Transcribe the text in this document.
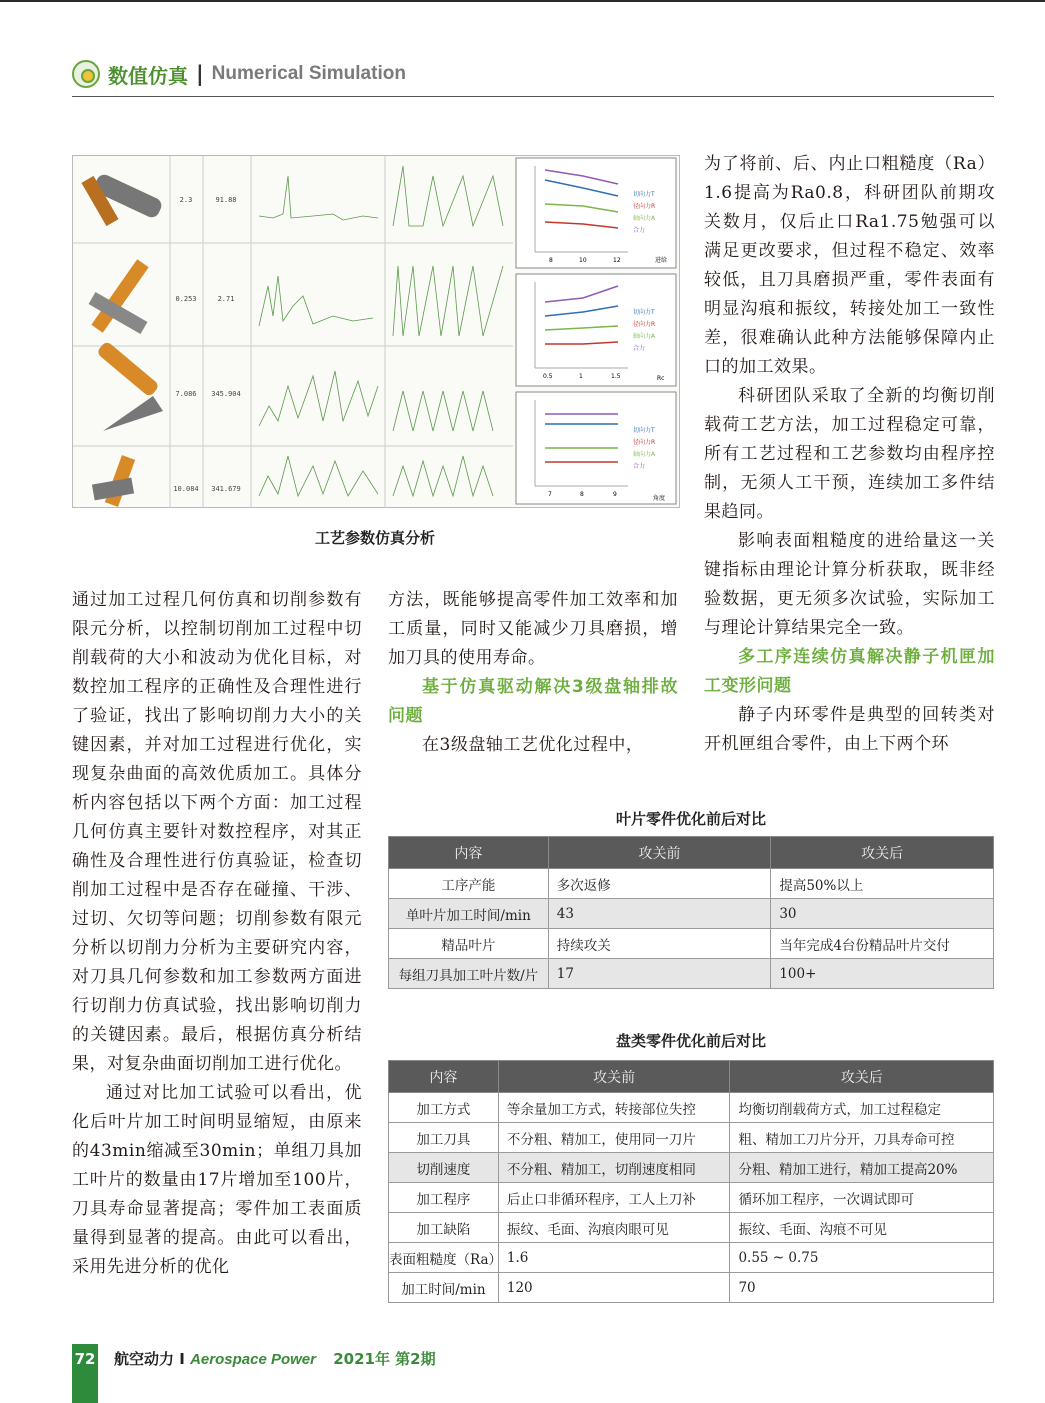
数值仿真 | Numerical Simulation
2.3	91.88
0.253	2.71
7.086 345.904
10.084 341.679
8	10	12	进给
切向力T
径向力R
轴向力A
合力
0.5	1	1.5	Rc
切向力T
径向力R
轴向力A
合力
7	8	9
角度
切向力T
径向力R
轴向力A
合力
工艺参数仿真分析

通过加工过程几何仿真和切削参数有限元分析，以控制切削加工过程中切削载荷的大小和波动为优化目标，对数控加工程序的正确性及合理性进行了验证，找出了影响切削力大小的关键因素，并对加工过程进行优化，实现复杂曲面的高效优质加工。具体分析内容包括以下两个方面：加工过程几何仿真主要针对数控程序，对其正确性及合理性进行仿真验证，检查切削加工过程中是否存在碰撞、干涉、过切、欠切等问题；切削参数有限元分析以切削力分析为主要研究内容，对刀具几何参数和加工参数两方面进行切削力仿真试验，找出影响切削力的关键因素。最后，根据仿真分析结果，对复杂曲面切削加工进行优化。

通过对比加工试验可以看出，优化后叶片加工时间明显缩短，由原来的43min缩减至30min；单组刀具加工叶片的数量由17片增加至100片，刀具寿命显著提高；零件加工表面质量得到显著的提高。由此可以看出，采用先进分析的优化

方法，既能够提高零件加工效率和加工质量，同时又能减少刀具磨损，增加刀具的使用寿命。

基于仿真驱动解决3级盘轴排故问题

在3级盘轴工艺优化过程中，

为了将前、后、内止口粗糙度（Ra）1.6提高为Ra0.8，科研团队前期攻关数月，仅后止口Ra1.75勉强可以满足更改要求，但过程不稳定、效率较低，且刀具磨损严重，零件表面有明显沟痕和振纹，转接处加工一致性差，很难确认此种方法能够保障内止口的加工效果。

科研团队采取了全新的均衡切削载荷工艺方法，加工过程稳定可靠，所有工艺过程和工艺参数均由程序控制，无须人工干预，连续加工多件结果趋同。

影响表面粗糙度的进给量这一关键指标由理论计算分析获取，既非经验数据，更无须多次试验，实际加工与理论计算结果完全一致。

多工序连续仿真解决静子机匣加工变形问题

静子内环零件是典型的回转类对开机匣组合零件，由上下两个环

叶片零件优化前后对比
内容	攻关前	攻关后
工序产能	多次返修	提高50%以上
单叶片加工时间/min	43	30
精品叶片	持续攻关	当年完成4台份精品叶片交付
每组刀具加工叶片数/片	17	100+
盘类零件优化前后对比
内容	攻关前	攻关后
加工方式	等余量加工方式，转接部位失控	均衡切削载荷方式，加工过程稳定
加工刀具	不分粗、精加工，使用同一刀片	粗、精加工刀片分开，刀具寿命可控
切削速度	不分粗、精加工，切削速度相同	分粗、精加工进行，精加工提高20%
加工程序	后止口非循环程序，工人上刀补	循环加工程序，一次调试即可
加工缺陷	振纹、毛面、沟痕肉眼可见	振纹、毛面、沟痕不可见
表面粗糙度（Ra）	1.6	0.55 ~ 0.75
加工时间/min	120	70
72 航空动力 I Aerospace Power 2021年 第2期
